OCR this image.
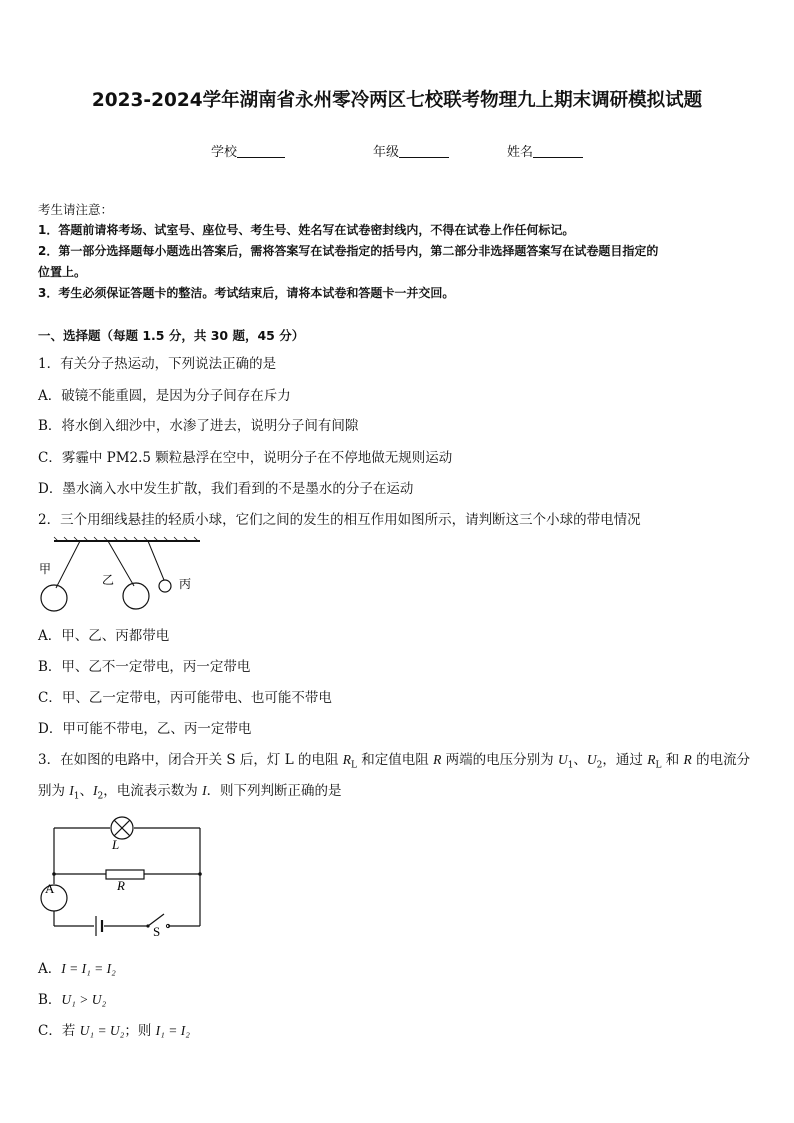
2023-2024学年湖南省永州零冷两区七校联考物理九上期末调研模拟试题
学校	年级	姓名
考生请注意：
1．答题前请将考场、试室号、座位号、考生号、姓名写在试卷密封线内，不得在试卷上作任何标记。
2．第一部分选择题每小题选出答案后，需将答案写在试卷指定的括号内，第二部分非选择题答案写在试卷题目指定的
位置上。
3．考生必须保证答题卡的整洁。考试结束后，请将本试卷和答题卡一并交回。
一、选择题（每题 1.5 分，共 30 题，45 分）
1．有关分子热运动，下列说法正确的是
A．破镜不能重圆，是因为分子间存在斥力
B．将水倒入细沙中，水渗了进去，说明分子间有间隙
C．雾霾中 PM2.5 颗粒悬浮在空中，说明分子在不停地做无规则运动
D．墨水滴入水中发生扩散，我们看到的不是墨水的分子在运动
2．三个用细线悬挂的轻质小球，它们之间的发生的相互作用如图所示，请判断这三个小球的带电情况
甲
乙	丙
A．甲、乙、丙都带电
B．甲、乙不一定带电，丙一定带电
C．甲、乙一定带电，丙可能带电、也可能不带电
D．甲可能不带电，乙、丙一定带电
3．在如图的电路中，闭合开关 S 后，灯 L 的电阻 $R_L$ 和定值电阻 R 两端的电压分别为 $U_1$、$U_2$，通过 $R_L$ 和 R 的电流分
别为 $I_1$、$I_2$，电流表示数为 I．则下列判断正确的是
L
R
A
S
A．I = I₁ = I₂
B．U₁ > U₂
C．若 U₁ = U₂；则 I₁ = I₂
